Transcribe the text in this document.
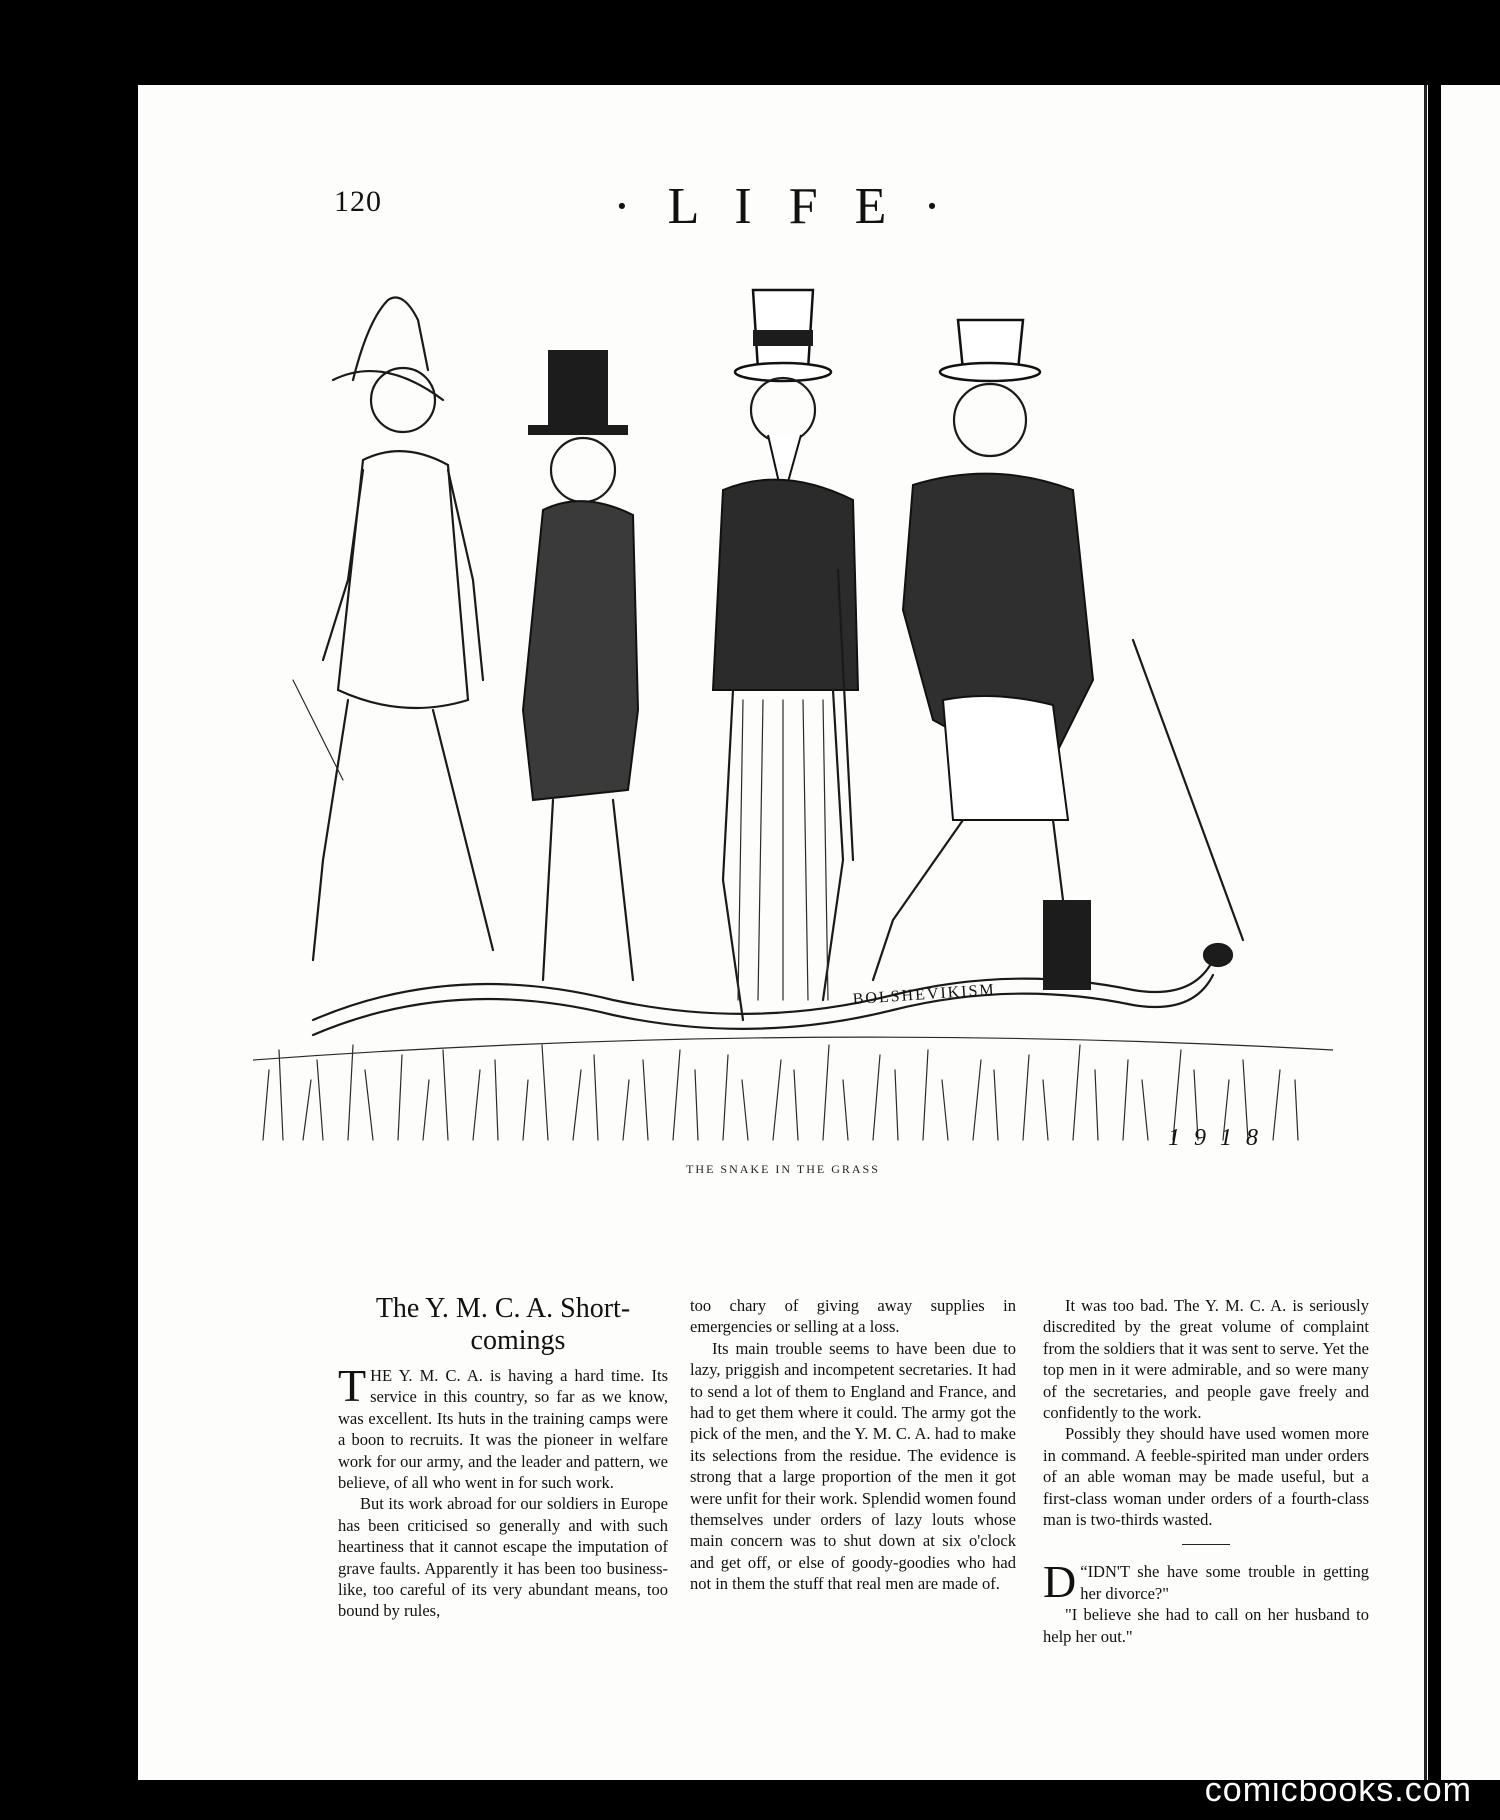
120	· L I F E ·
BOLSHEVIKISM
1918
THE SNAKE IN THE GRASS
The Y. M. C. A. Short-
comings

THE Y. M. C. A. is having a hard time. Its service in this country, so far as we know, was excellent. Its huts in the training camps were a boon to recruits. It was the pioneer in welfare work for our army, and the leader and pattern, we believe, of all who went in for such work.

But its work abroad for our soldiers in Europe has been criticised so generally and with such heartiness that it cannot escape the imputation of grave faults. Apparently it has been too business-like, too careful of its very abundant means, too bound by rules,

too chary of giving away supplies in emergencies or selling at a loss.

Its main trouble seems to have been due to lazy, priggish and incompetent secretaries. It had to send a lot of them to England and France, and had to get them where it could. The army got the pick of the men, and the Y. M. C. A. had to make its selections from the residue. The evidence is strong that a large proportion of the men it got were unfit for their work. Splendid women found themselves under orders of lazy louts whose main concern was to shut down at six o'clock and get off, or else of goody-goodies who had not in them the stuff that real men are made of.

It was too bad. The Y. M. C. A. is seriously discredited by the great volume of complaint from the soldiers that it was sent to serve. Yet the top men in it were admirable, and so were many of the secretaries, and people gave freely and confidently to the work.

Possibly they should have used women more in command. A feeble-spirited man under orders of an able woman may be made useful, but a first-class woman under orders of a fourth-class man is two-thirds wasted.

“
D IDN'T she have some trouble in getting her divorce?"

"I believe she had to call on her husband to help her out."

comicbooks.com
